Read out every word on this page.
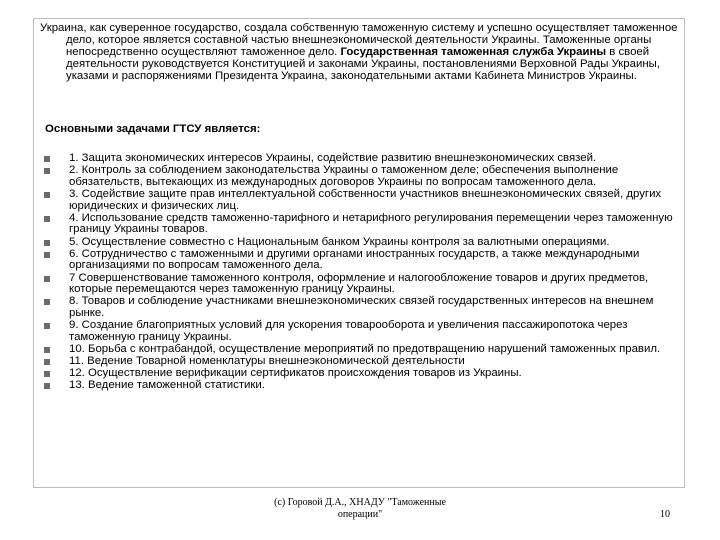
Украина, как суверенное государство, создала собственную таможенную систему и успешно осуществляет таможенное дело, которое является составной частью внешнеэкономической деятельности Украины. Таможенные органы непосредственно осуществляют таможенное дело. Государственная таможенная служба Украины в своей деятельности руководствуется Конституцией и законами Украины, постановлениями Верховной Рады Украины, указами и распоряжениями Президента Украина, законодательными актами Кабинета Министров Украины.

Основными задачами ГТСУ является:
1. Защита экономических интересов Украины, содействие развитию внешнеэкономических связей.
2. Контроль за соблюдением законодательства Украины о таможенном деле; обеспечения выполнение обязательств, вытекающих из международных договоров Украины по вопросам таможенного дела.
3. Содействие защите прав интеллектуальной собственности участников внешнеэкономических связей, других юридических и физических лиц.
4. Использование средств таможенно-тарифного и нетарифного регулирования перемещении через таможенную границу Украины товаров.
5. Осуществление совместно с Национальным банком Украины контроля за валютными операциями.
6. Сотрудничество с таможенными и другими органами иностранных государств, а также международными организациями по вопросам таможенного дела.
7 Совершенствование таможенного контроля, оформление и налогообложение товаров и других предметов, которые перемещаются через таможенную границу Украины.
8. Товаров и соблюдение участниками внешнеэкономических связей государственных интересов на внешнем рынке.
9. Создание благоприятных условий для ускорения товарооборота и увеличения пассажиропотока через таможенную границу Украины.
10. Борьба с контрабандой, осуществление мероприятий по предотвращению нарушений таможенных правил.
11. Ведение Товарной номенклатуры внешнеэкономической деятельности
12. Осуществление верификации сертификатов происхождения товаров из Украины.
13. Ведение таможенной статистики.
(с) Горовой Д.А., ХНАДУ "Таможенные
операции"	10
